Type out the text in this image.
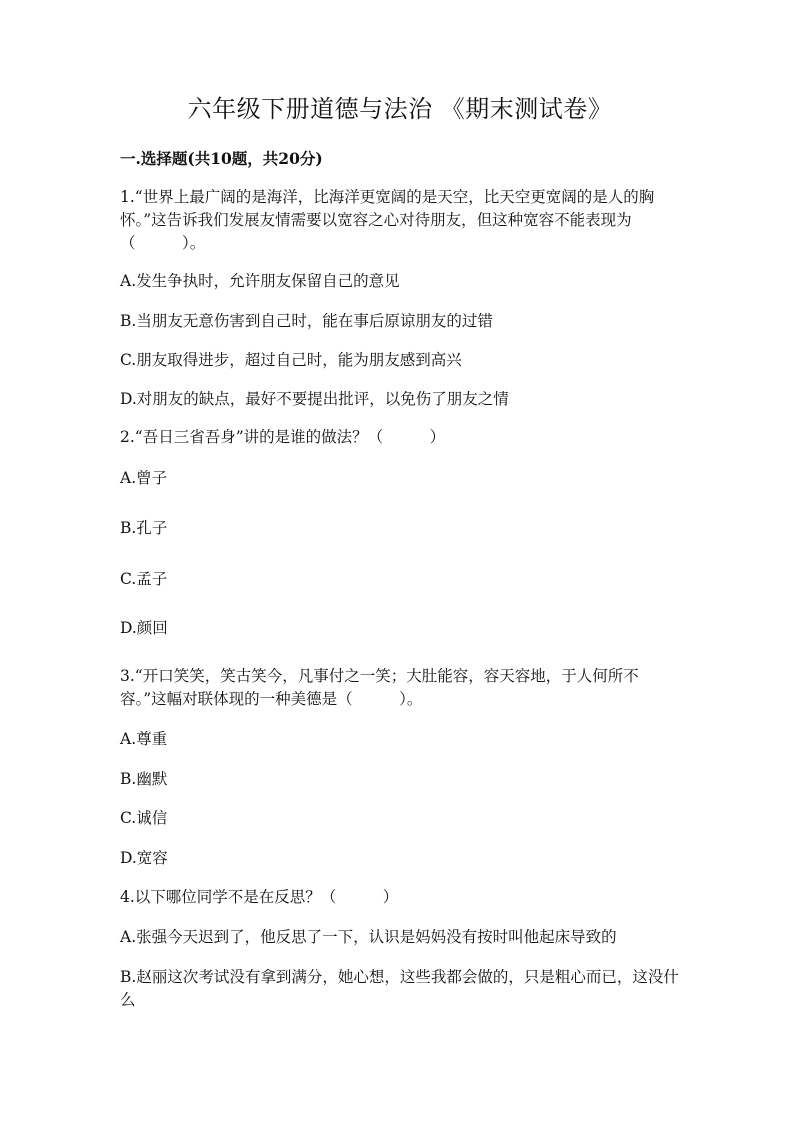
六年级下册道德与法治 《期末测试卷》
一.选择题(共10题，共20分)
1.“世界上最广阔的是海洋，比海洋更宽阔的是天空，比天空更宽阔的是人的胸怀。”这告诉我们发展友情需要以宽容之心对待朋友，但这种宽容不能表现为（　　　）。
A.发生争执时，允许朋友保留自己的意见
B.当朋友无意伤害到自己时，能在事后原谅朋友的过错
C.朋友取得进步，超过自己时，能为朋友感到高兴
D.对朋友的缺点，最好不要提出批评，以免伤了朋友之情
2.“吾日三省吾身”讲的是谁的做法？（　　　）
A.曾子
B.孔子
C.孟子
D.颜回
3.“开口笑笑，笑古笑今，凡事付之一笑；大肚能容，容天容地，于人何所不容。”这幅对联体现的一种美德是（　　　）。
A.尊重
B.幽默
C.诚信
D.宽容
4.以下哪位同学不是在反思？（　　　）
A.张强今天迟到了，他反思了一下，认识是妈妈没有按时叫他起床导致的
B.赵丽这次考试没有拿到满分，她心想，这些我都会做的，只是粗心而已，这没什么
